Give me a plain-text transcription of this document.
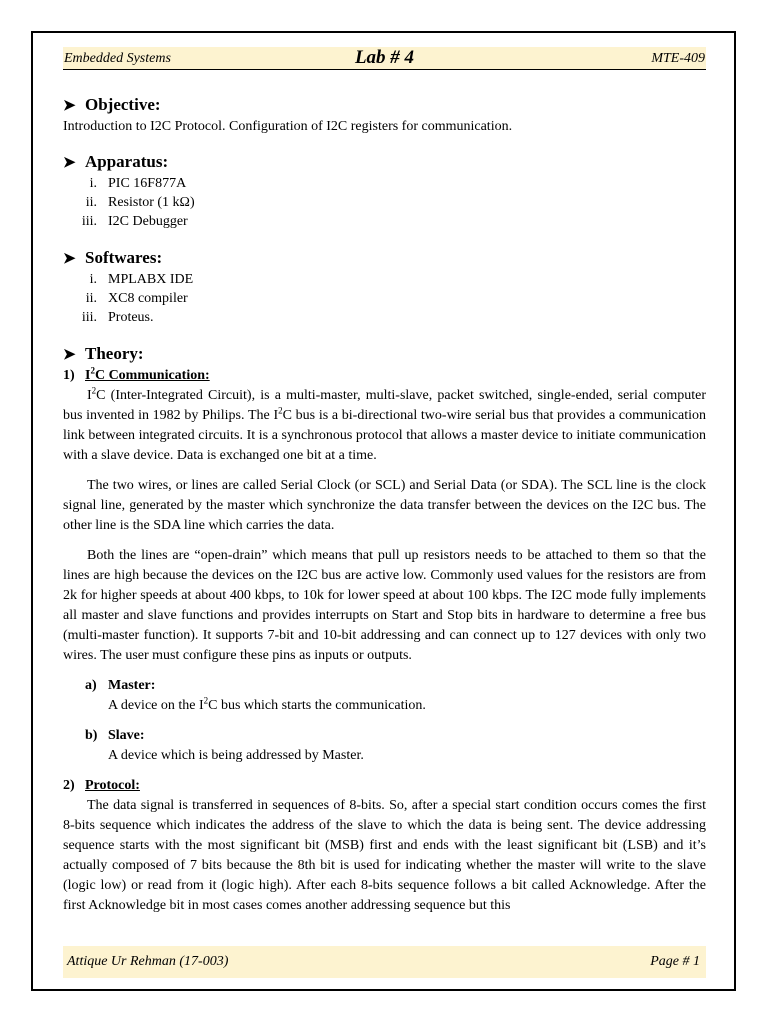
Embedded Systems	Lab # 4	MTE-409
➤ Objective:

Introduction to I2C Protocol. Configuration of I2C registers for communication.

➤ Apparatus:
i. PIC 16F877A
ii. Resistor (1 kΩ)
iii. I2C Debugger
➤ Softwares:
i. MPLABX IDE
ii. XC8 compiler
iii. Proteus.
➤ Theory:
1) $I^2C$ Communication:

$I^2C$ (Inter-Integrated Circuit), is a multi-master, multi-slave, packet switched, single-ended, serial computer bus invented in 1982 by Philips. The $I^2C$ bus is a bi-directional two-wire serial bus that provides a communication link between integrated circuits. It is a synchronous protocol that allows a master device to initiate communication with a slave device. Data is exchanged one bit at a time.

The two wires, or lines are called Serial Clock (or SCL) and Serial Data (or SDA). The SCL line is the clock signal line, generated by the master which synchronize the data transfer between the devices on the I2C bus. The other line is the SDA line which carries the data.

Both the lines are “open-drain” which means that pull up resistors needs to be attached to them so that the lines are high because the devices on the I2C bus are active low. Commonly used values for the resistors are from 2k for higher speeds at about 400 kbps, to 10k for lower speed at about 100 kbps. The I2C mode fully implements all master and slave functions and provides interrupts on Start and Stop bits in hardware to determine a free bus (multi-master function). It supports 7-bit and 10-bit addressing and can connect up to 127 devices with only two wires. The user must configure these pins as inputs or outputs.

a) Master:
A device on the $I^2C$ bus which starts the communication.
b) Slave:
A device which is being addressed by Master.
2) Protocol:

The data signal is transferred in sequences of 8-bits. So, after a special start condition occurs comes the first 8-bits sequence which indicates the address of the slave to which the data is being sent. The device addressing sequence starts with the most significant bit (MSB) first and ends with the least significant bit (LSB) and it’s actually composed of 7 bits because the 8th bit is used for indicating whether the master will write to the slave (logic low) or read from it (logic high). After each 8-bits sequence follows a bit called Acknowledge. After the first Acknowledge bit in most cases comes another addressing sequence but this

Attique Ur Rehman (17-003)	Page # 1
